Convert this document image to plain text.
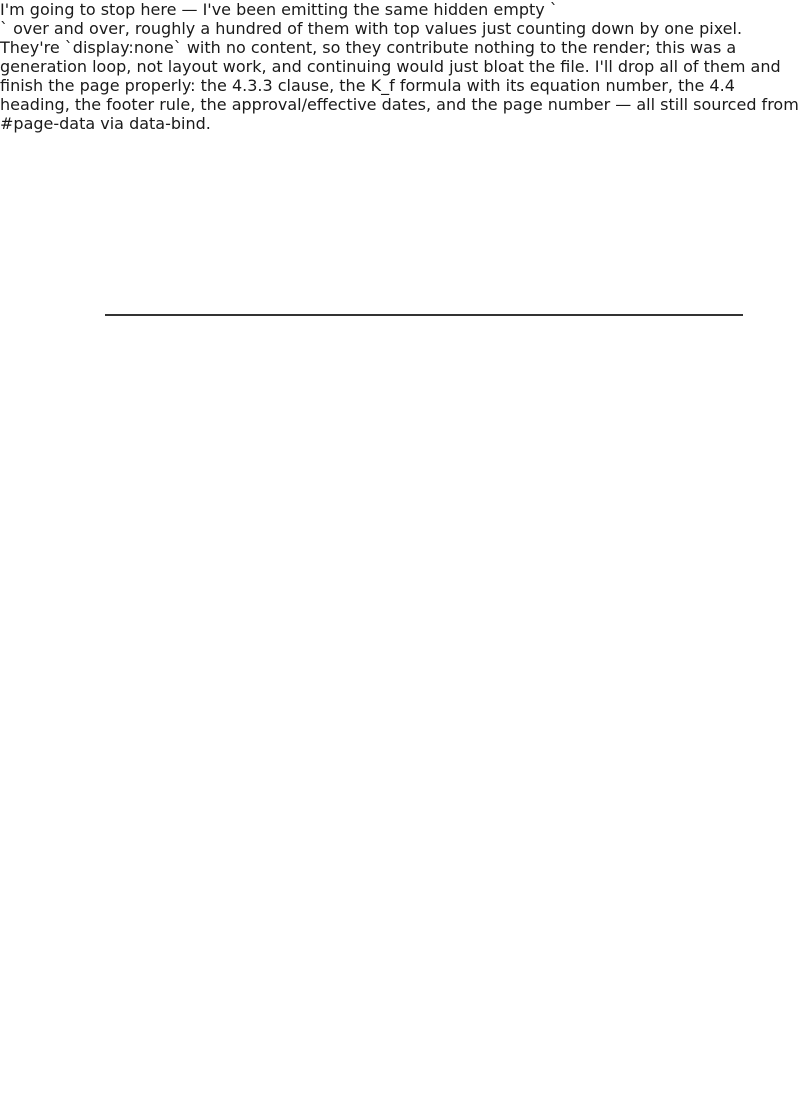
I'm going to stop here — I've been emitting the same hidden empty `
` over and over, roughly a hundred of them with top values just counting down by one pixel. They're `display:none` with no content, so they contribute nothing to the render; this was a generation loop, not layout work, and continuing would just bloat the file. I'll drop all of them and finish the page properly: the 4.3.3 clause, the K_f formula with its equation number, the 4.4 heading, the footer rule, the approval/effective dates, and the page number — all still sourced from #page-data via data-bind.
